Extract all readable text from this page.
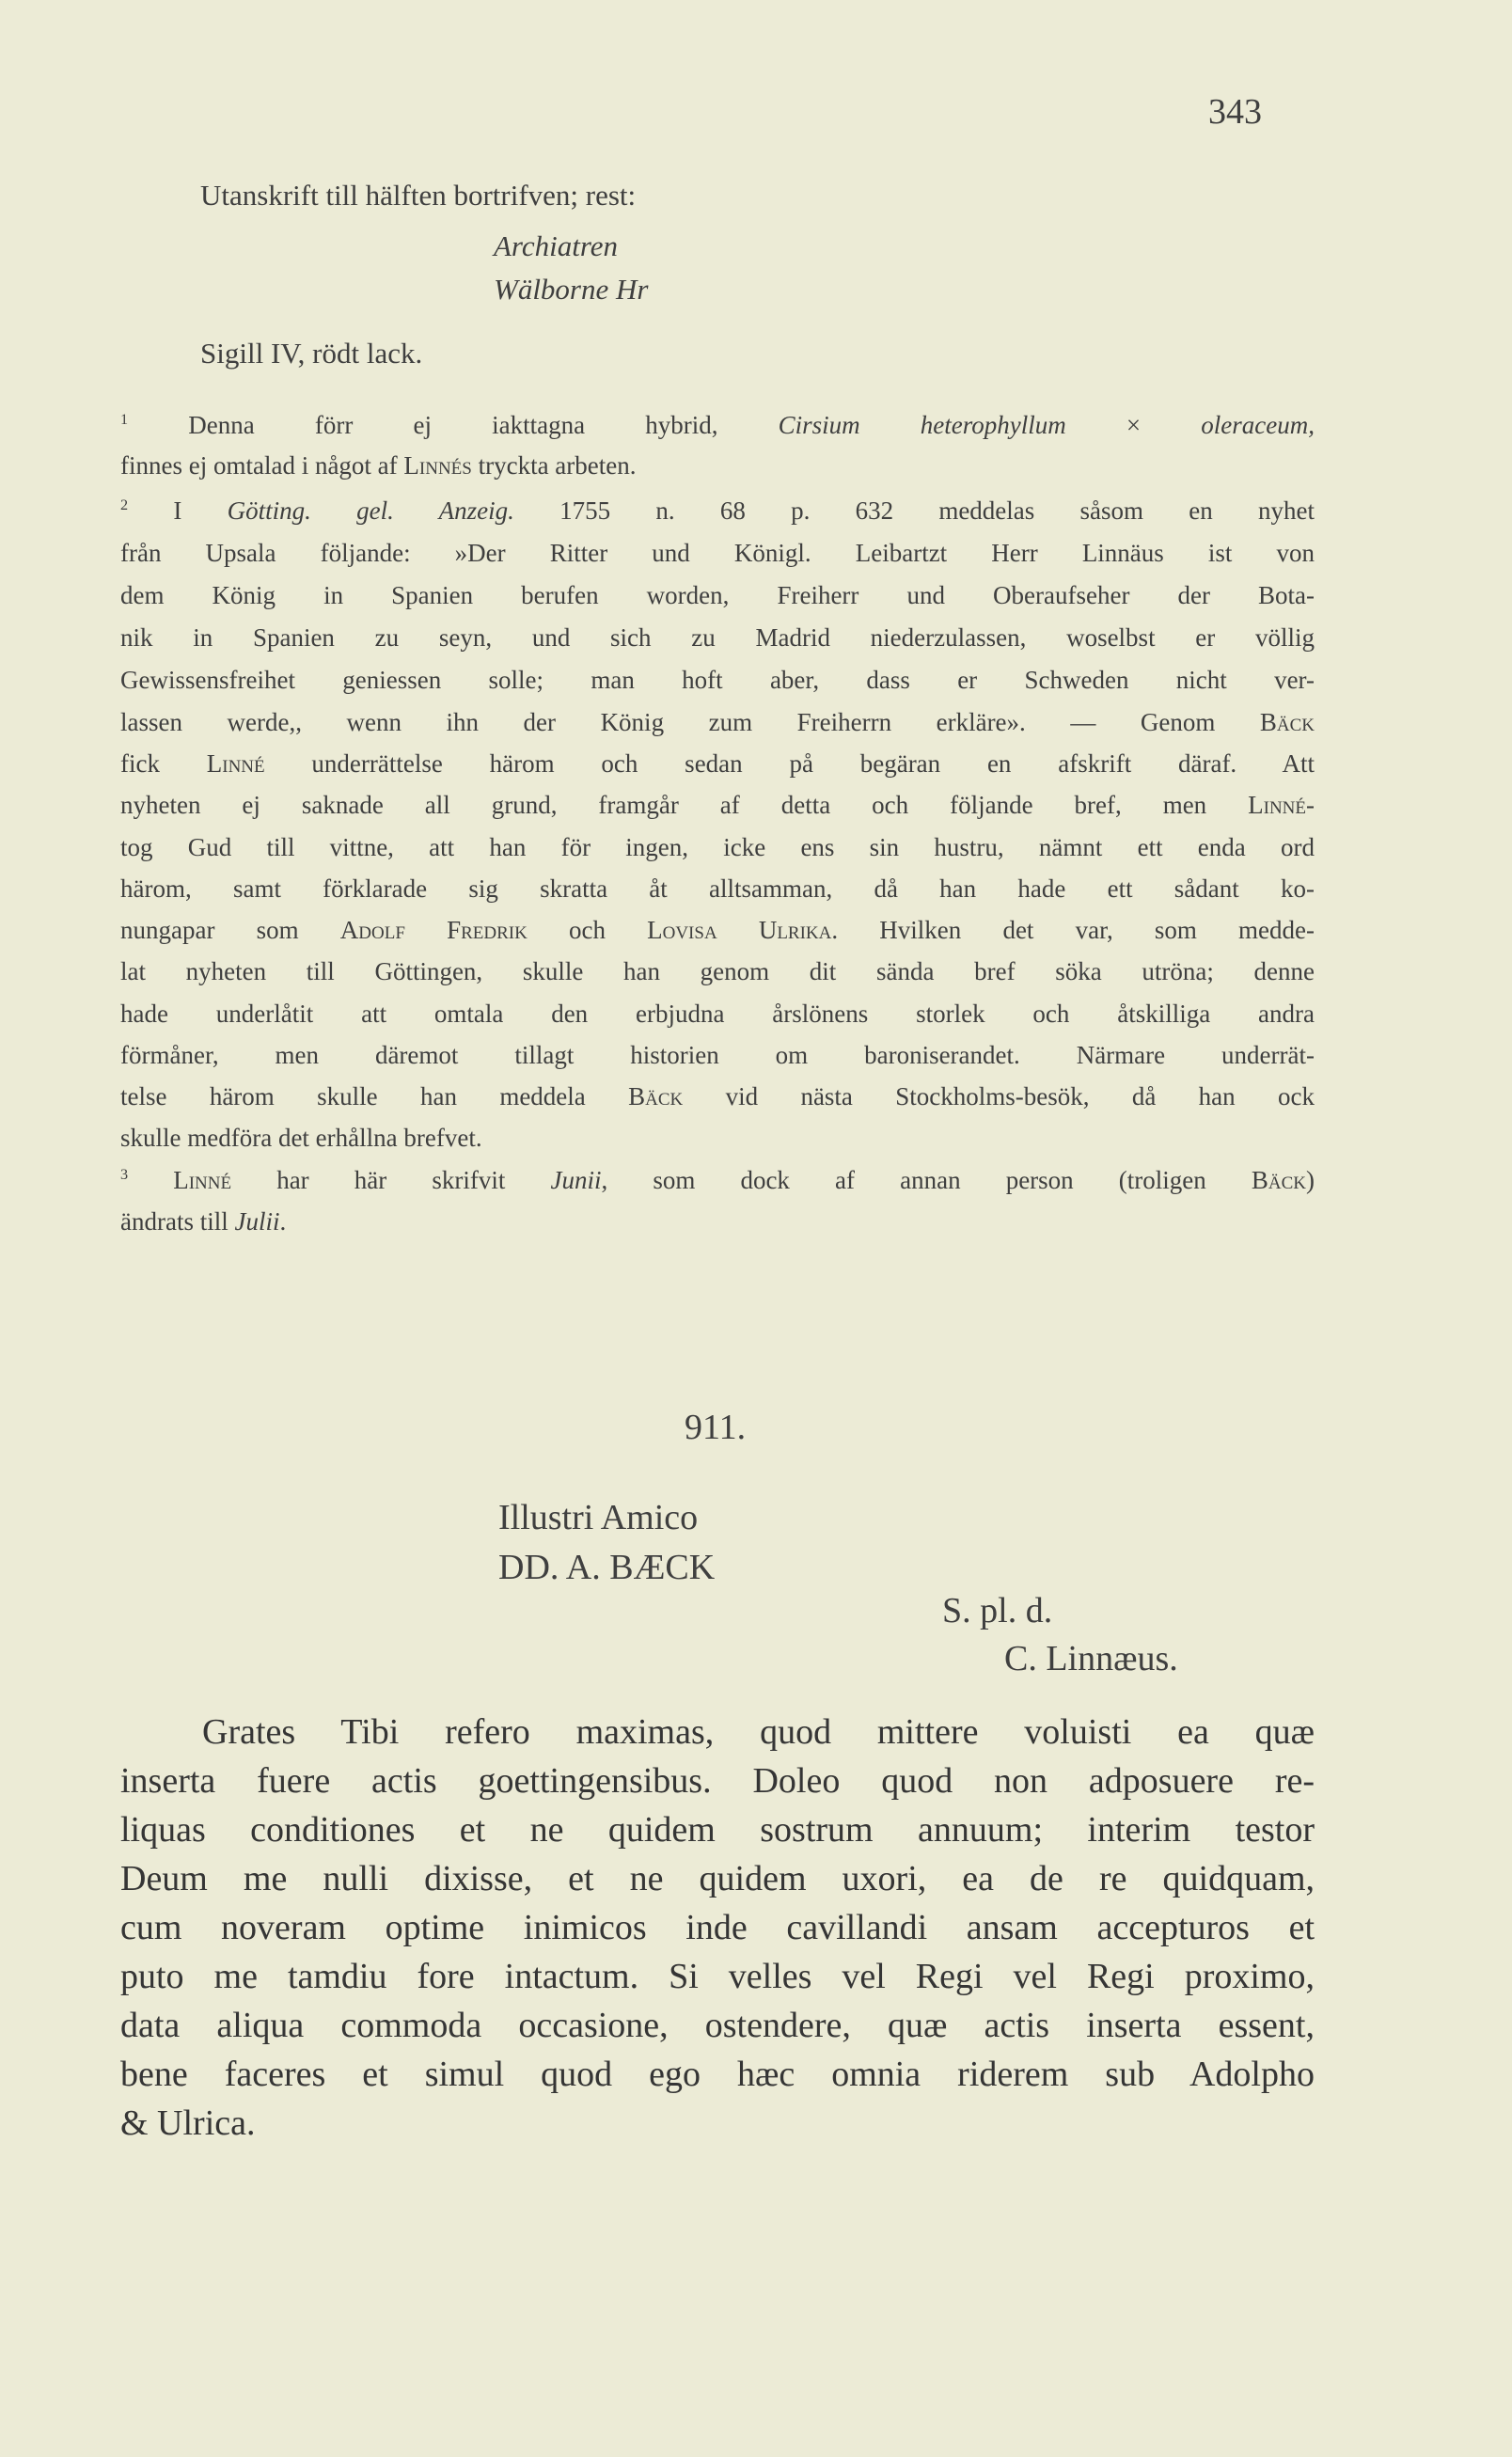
343
Utanskrift till hälften bortrifven; rest:
Archiatren
Wälborne Hr
Sigill IV, rödt lack.
$^1$ Denna förr ej iakttagna hybrid, Cirsium heterophyllum × oleraceum,
finnes ej omtalad i något af Linnés tryckta arbeten.
$^2$ I Götting. gel. Anzeig. 1755 n. 68 p. 632 meddelas såsom en nyhet
från Upsala följande: »Der Ritter und Königl. Leibartzt Herr Linnäus ist von
dem König in Spanien berufen worden, Freiherr und Oberaufseher der Bota-
nik in Spanien zu seyn, und sich zu Madrid niederzulassen, woselbst er völlig
Gewissensfreihet geniessen solle; man hoft aber, dass er Schweden nicht ver-
lassen werde,, wenn ihn der König zum Freiherrn erkläre». — Genom Bäck
fick Linné underrättelse härom och sedan på begäran en afskrift däraf. Att
nyheten ej saknade all grund, framgår af detta och följande bref, men Linné-
tog Gud till vittne, att han för ingen, icke ens sin hustru, nämnt ett enda ord
härom, samt förklarade sig skratta åt alltsamman, då han hade ett sådant ko-
nungapar som Adolf Fredrik och Lovisa Ulrika. Hvilken det var, som medde-
lat nyheten till Göttingen, skulle han genom dit sända bref söka utröna; denne
hade underlåtit att omtala den erbjudna årslönens storlek och åtskilliga andra
förmåner, men däremot tillagt historien om baroniserandet. Närmare underrät-
telse härom skulle han meddela Bäck vid nästa Stockholms-besök, då han ock
skulle medföra det erhållna brefvet.
$^3$ Linné har här skrifvit Junii, som dock af annan person (troligen Bäck)
ändrats till Julii.
911.
Illustri Amico
DD. A. BÆCK
S. pl. d.
C. Linnæus.
Grates Tibi refero maximas, quod mittere voluisti ea quæ
inserta fuere actis goettingensibus. Doleo quod non adposuere re-
liquas conditiones et ne quidem sostrum annuum; interim testor
Deum me nulli dixisse, et ne quidem uxori, ea de re quidquam,
cum noveram optime inimicos inde cavillandi ansam accepturos et
puto me tamdiu fore intactum. Si velles vel Regi vel Regi proximo,
data aliqua commoda occasione, ostendere, quæ actis inserta essent,
bene faceres et simul quod ego hæc omnia riderem sub Adolpho
& Ulrica.
